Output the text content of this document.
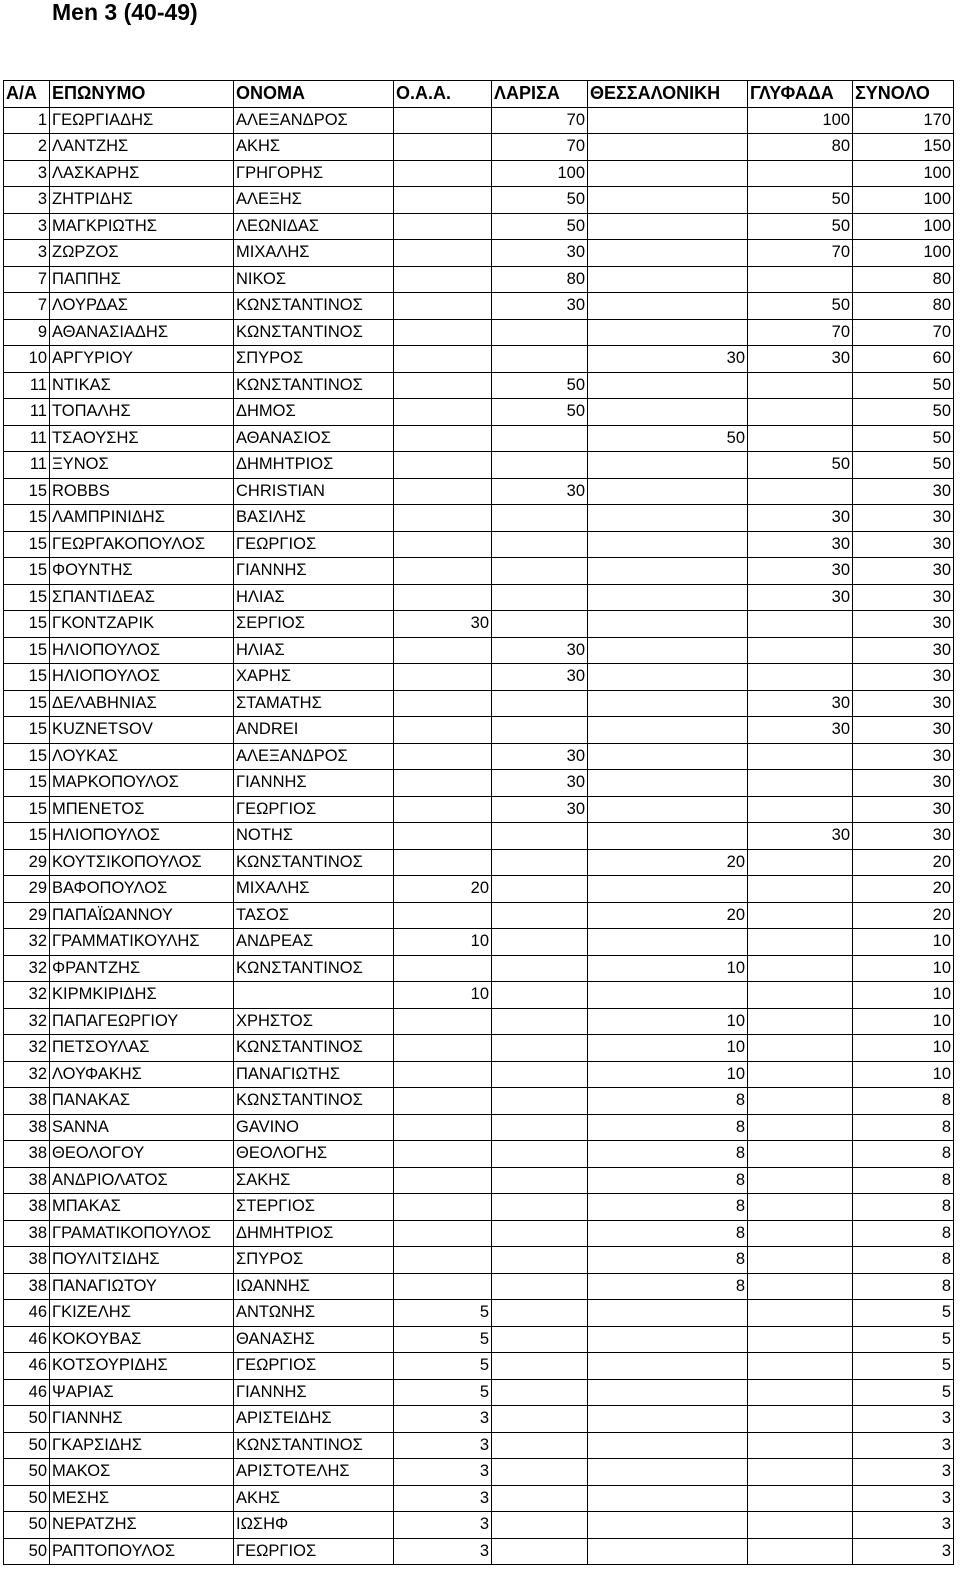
Men 3 (40-49)
Α/Α	ΕΠΩΝΥΜΟ	ΟΝΟΜΑ	Ο.Α.Α.	ΛΑΡΙΣΑ	ΘΕΣΣΑΛΟΝΙΚΗ	ΓΛΥΦΑΔΑ	ΣΥΝΟΛΟ
1	ΓΕΩΡΓΙΑΔΗΣ	ΑΛΕΞΑΝΔΡΟΣ		70		100	170
2	ΛΑΝΤΖΗΣ	ΑΚΗΣ		70		80	150
3	ΛΑΣΚΑΡΗΣ	ΓΡΗΓΟΡΗΣ		100			100
3	ΖΗΤΡΙΔΗΣ	ΑΛΕΞΗΣ		50		50	100
3	ΜΑΓΚΡΙΩΤΗΣ	ΛΕΩΝΙΔΑΣ		50		50	100
3	ΖΩΡΖΟΣ	ΜΙΧΑΛΗΣ		30		70	100
7	ΠΑΠΠΗΣ	ΝΙΚΟΣ		80			80
7	ΛΟΥΡΔΑΣ	ΚΩΝΣΤΑΝΤΙΝΟΣ		30		50	80
9	ΑΘΑΝΑΣΙΑΔΗΣ	ΚΩΝΣΤΑΝΤΙΝΟΣ				70	70
10	ΑΡΓΥΡΙΟΥ	ΣΠΥΡΟΣ			30	30	60
11	ΝΤΙΚΑΣ	ΚΩΝΣΤΑΝΤΙΝΟΣ		50			50
11	ΤΟΠΑΛΗΣ	ΔΗΜΟΣ		50			50
11	ΤΣΑΟΥΣΗΣ	ΑΘΑΝΑΣΙΟΣ			50		50
11	ΞΥΝΟΣ	ΔΗΜΗΤΡΙΟΣ				50	50
15	ROBBS	CHRISTIAN		30			30
15	ΛΑΜΠΡΙΝΙΔΗΣ	ΒΑΣΙΛΗΣ				30	30
15	ΓΕΩΡΓΑΚΟΠΟΥΛΟΣ	ΓΕΩΡΓΙΟΣ				30	30
15	ΦΟΥΝΤΗΣ	ΓΙΑΝΝΗΣ				30	30
15	ΣΠΑΝΤΙΔΕΑΣ	ΗΛΙΑΣ				30	30
15	ΓΚΟΝΤΖΑΡΙΚ	ΣΕΡΓΙΟΣ	30				30
15	ΗΛΙΟΠΟΥΛΟΣ	ΗΛΙΑΣ		30			30
15	ΗΛΙΟΠΟΥΛΟΣ	ΧΑΡΗΣ		30			30
15	ΔΕΛΑΒΗΝΙΑΣ	ΣΤΑΜΑΤΗΣ				30	30
15	KUZNETSOV	ANDREI				30	30
15	ΛΟΥΚΑΣ	ΑΛΕΞΑΝΔΡΟΣ		30			30
15	ΜΑΡΚΟΠΟΥΛΟΣ	ΓΙΑΝΝΗΣ		30			30
15	ΜΠΕΝΕΤΟΣ	ΓΕΩΡΓΙΟΣ		30			30
15	ΗΛΙΟΠΟΥΛΟΣ	ΝΟΤΗΣ				30	30
29	ΚΟΥΤΣΙΚΟΠΟΥΛΟΣ	ΚΩΝΣΤΑΝΤΙΝΟΣ			20		20
29	ΒΑΦΟΠΟΥΛΟΣ	ΜΙΧΑΛΗΣ	20				20
29	ΠΑΠΑΪΩΑΝΝΟΥ	ΤΑΣΟΣ			20		20
32	ΓΡΑΜΜΑΤΙΚΟΥΛΗΣ	ΑΝΔΡΕΑΣ	10				10
32	ΦΡΑΝΤΖΗΣ	ΚΩΝΣΤΑΝΤΙΝΟΣ			10		10
32	ΚΙΡΜΚΙΡΙΔΗΣ		10				10
32	ΠΑΠΑΓΕΩΡΓΙΟΥ	ΧΡΗΣΤΟΣ			10		10
32	ΠΕΤΣΟΥΛΑΣ	ΚΩΝΣΤΑΝΤΙΝΟΣ			10		10
32	ΛΟΥΦΑΚΗΣ	ΠΑΝΑΓΙΩΤΗΣ			10		10
38	ΠΑΝΑΚΑΣ	ΚΩΝΣΤΑΝΤΙΝΟΣ			8		8
38	SANNA	GAVINO			8		8
38	ΘΕΟΛΟΓΟΥ	ΘΕΟΛΟΓΗΣ			8		8
38	ΑΝΔΡΙΟΛΑΤΟΣ	ΣΑΚΗΣ			8		8
38	ΜΠΑΚΑΣ	ΣΤΕΡΓΙΟΣ			8		8
38	ΓΡΑΜΑΤΙΚΟΠΟΥΛΟΣ	ΔΗΜΗΤΡΙΟΣ			8		8
38	ΠΟΥΛΙΤΣΙΔΗΣ	ΣΠΥΡΟΣ			8		8
38	ΠΑΝΑΓΙΩΤΟΥ	ΙΩΑΝΝΗΣ			8		8
46	ΓΚΙΖΕΛΗΣ	ΑΝΤΩΝΗΣ	5				5
46	ΚΟΚΟΥΒΑΣ	ΘΑΝΑΣΗΣ	5				5
46	ΚΟΤΣΟΥΡΙΔΗΣ	ΓΕΩΡΓΙΟΣ	5				5
46	ΨΑΡΙΑΣ	ΓΙΑΝΝΗΣ	5				5
50	ΓΙΑΝΝΗΣ	ΑΡΙΣΤΕΙΔΗΣ	3				3
50	ΓΚΑΡΣΙΔΗΣ	ΚΩΝΣΤΑΝΤΙΝΟΣ	3				3
50	ΜΑΚΟΣ	ΑΡΙΣΤΟΤΕΛΗΣ	3				3
50	ΜΕΣΗΣ	ΑΚΗΣ	3				3
50	ΝΕΡΑΤΖΗΣ	ΙΩΣΗΦ	3				3
50	ΡΑΠΤΟΠΟΥΛΟΣ	ΓΕΩΡΓΙΟΣ	3				3
